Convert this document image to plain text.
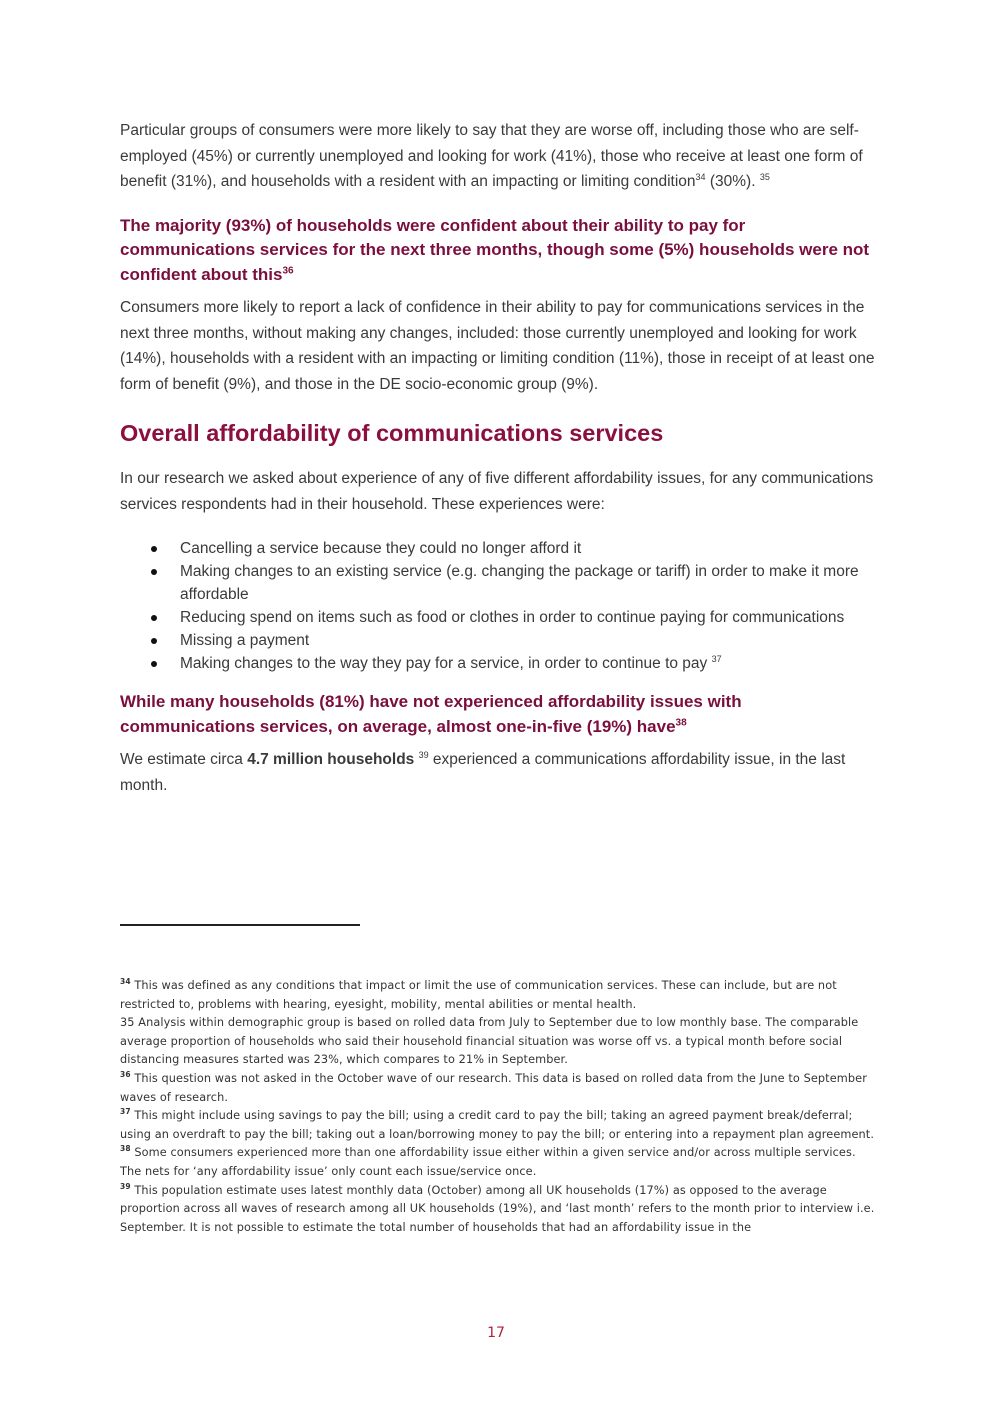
Particular groups of consumers were more likely to say that they are worse off, including those who are self-employed (45%) or currently unemployed and looking for work (41%), those who receive at least one form of benefit (31%), and households with a resident with an impacting or limiting condition$^{34}$ (30%). $^{35}$

The majority (93%) of households were confident about their ability to pay for communications services for the next three months, though some (5%) households were not confident about this$^{36}$

Consumers more likely to report a lack of confidence in their ability to pay for communications services in the next three months, without making any changes, included: those currently unemployed and looking for work (14%), households with a resident with an impacting or limiting condition (11%), those in receipt of at least one form of benefit (9%), and those in the DE socio-economic group (9%).

Overall affordability of communications services

In our research we asked about experience of any of five different affordability issues, for any communications services respondents had in their household. These experiences were:

Cancelling a service because they could no longer afford it
Making changes to an existing service (e.g. changing the package or tariff) in order to make it more affordable
Reducing spend on items such as food or clothes in order to continue paying for communications
Missing a payment
Making changes to the way they pay for a service, in order to continue to pay $^{37}$
While many households (81%) have not experienced affordability issues with communications services, on average, almost one-in-five (19%) have$^{38}$

We estimate circa 4.7 million households $^{39}$ experienced a communications affordability issue, in the last month.

$^{34}$ This was defined as any conditions that impact or limit the use of communication services. These can include, but are not restricted to, problems with hearing, eyesight, mobility, mental abilities or mental health.

35 Analysis within demographic group is based on rolled data from July to September due to low monthly base. The comparable average proportion of households who said their household financial situation was worse off vs. a typical month before social distancing measures started was 23%, which compares to 21% in September.

$^{36}$ This question was not asked in the October wave of our research. This data is based on rolled data from the June to September waves of research.

$^{37}$ This might include using savings to pay the bill; using a credit card to pay the bill; taking an agreed payment break/deferral; using an overdraft to pay the bill; taking out a loan/borrowing money to pay the bill; or entering into a repayment plan agreement.

$^{38}$ Some consumers experienced more than one affordability issue either within a given service and/or across multiple services. The nets for ‘any affordability issue’ only count each issue/service once.

$^{39}$ This population estimate uses latest monthly data (October) among all UK households (17%) as opposed to the average proportion across all waves of research among all UK households (19%), and ‘last month’ refers to the month prior to interview i.e. September. It is not possible to estimate the total number of households that had an affordability issue in the

17
